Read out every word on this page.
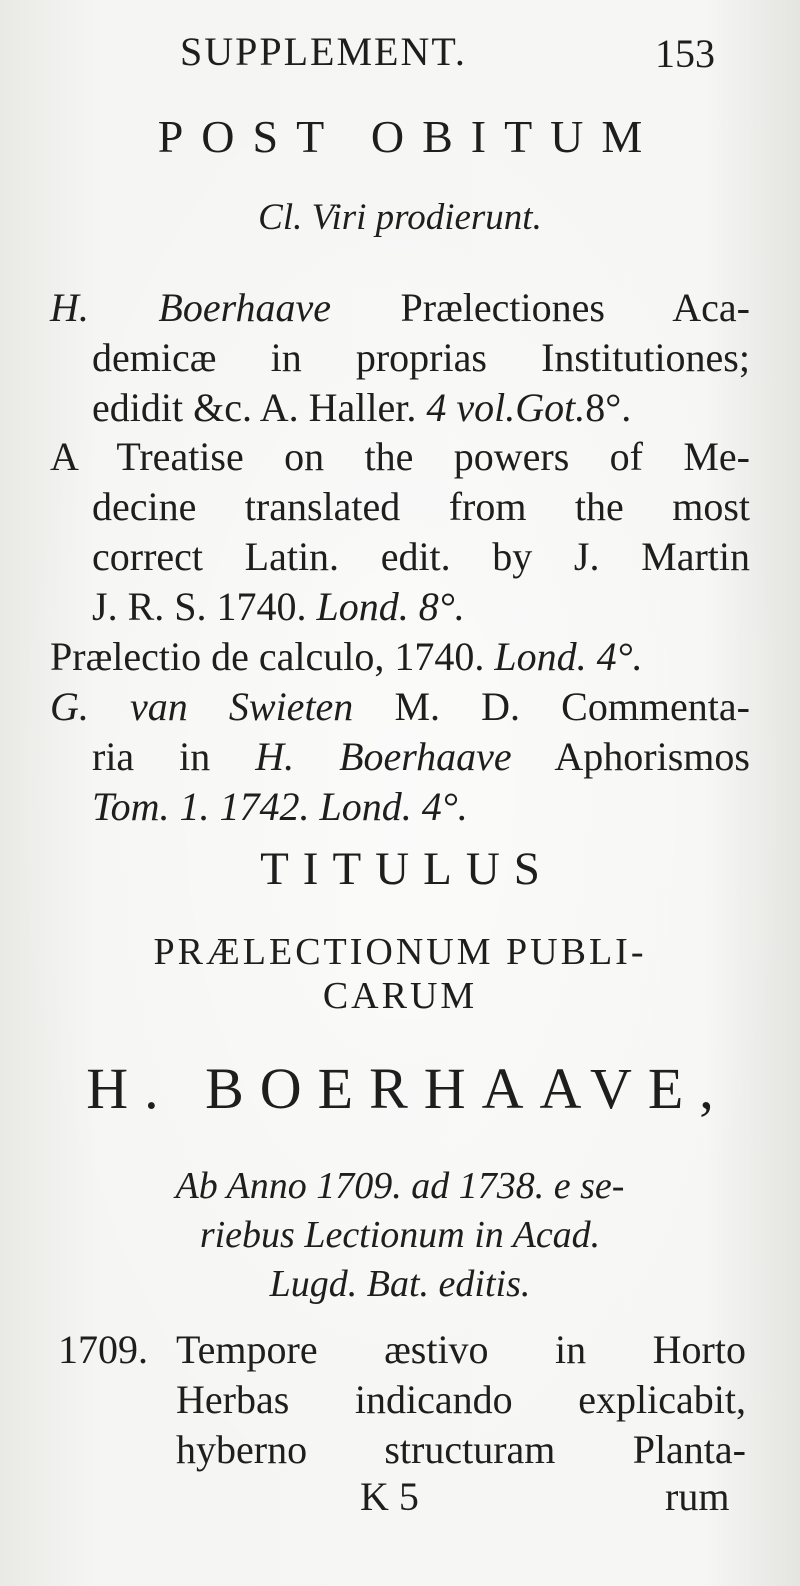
SUPPLEMENT.	153
POST OBITUM
Cl. Viri prodierunt.
H. Boerhaave Prælectiones Aca-
demicæ in proprias Institutiones;
edidit &c. A. Haller. 4 vol.Got.8°.
A Treatise on the powers of Me-
decine translated from the most
correct Latin. edit. by J. Martin
J. R. S. 1740. Lond. 8°.
Prælectio de calculo, 1740. Lond. 4°.
G. van Swieten M. D. Commenta-
ria in H. Boerhaave Aphorismos
Tom. 1. 1742. Lond. 4°.
TITULUS
PRÆLECTIONUM PUBLI-
CARUM
H. BOERHAAVE,
Ab Anno 1709. ad 1738. e se-
riebus Lectionum in Acad.
Lugd. Bat. editis.
1709. Tempore æstivo in Horto
Herbas indicando explicabit,
hyberno structuram Planta-
K 5	rum
